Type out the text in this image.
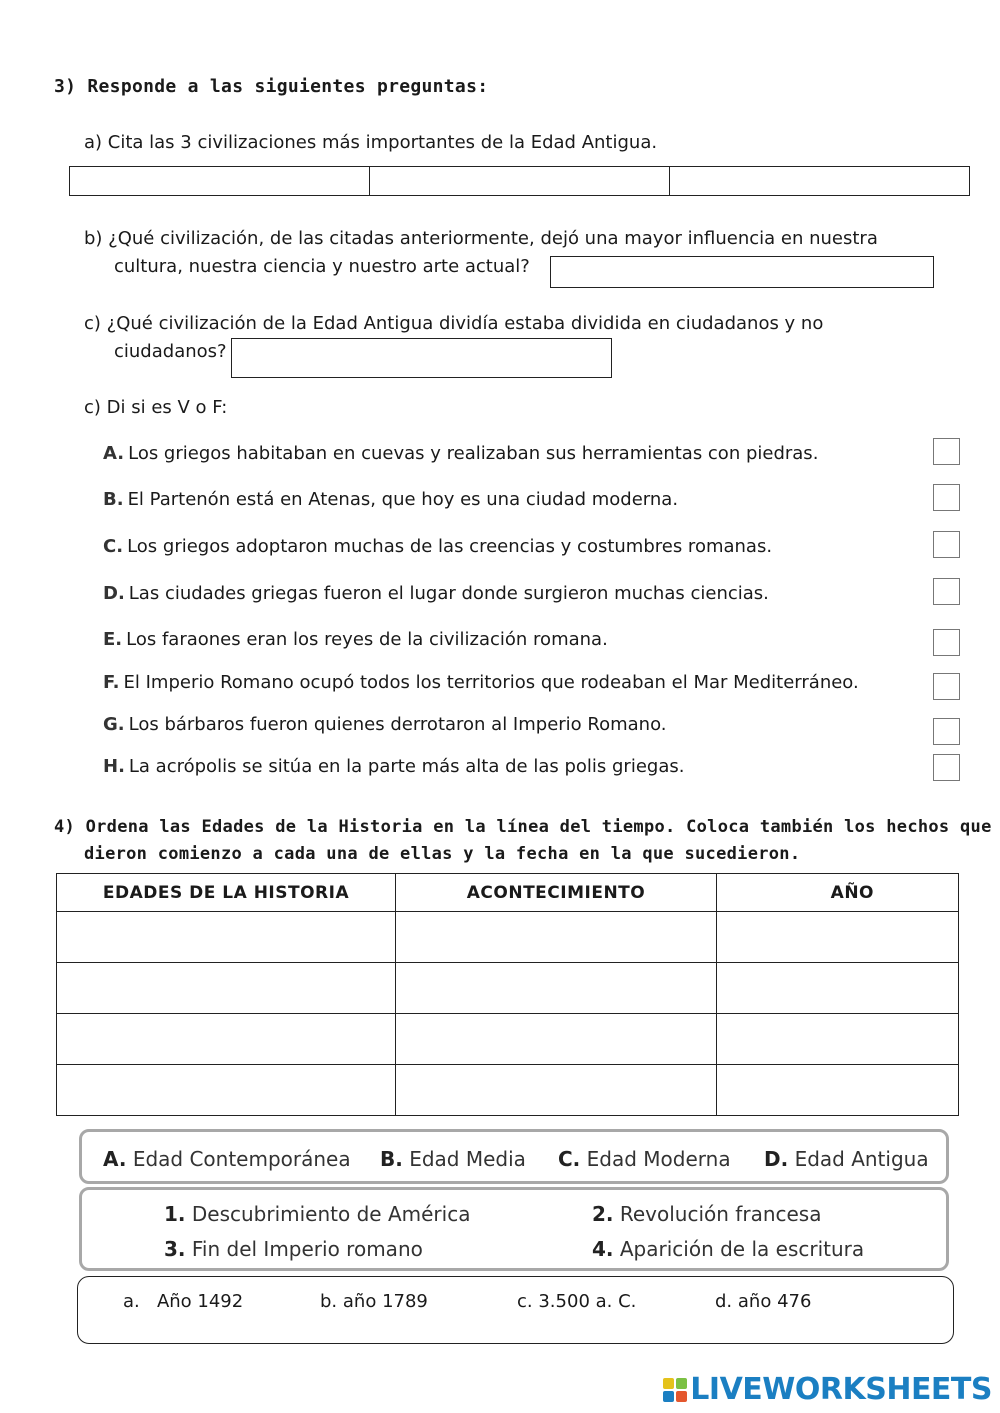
3) Responde a las siguientes preguntas:
a) Cita las 3 civilizaciones más importantes de la Edad Antigua.
b) ¿Qué civilización, de las citadas anteriormente, dejó una mayor influencia en nuestra
cultura, nuestra ciencia y nuestro arte actual?
c) ¿Qué civilización de la Edad Antigua dividía estaba dividida en ciudadanos y no
ciudadanos?
c) Di si es V o F:
A. Los griegos habitaban en cuevas y realizaban sus herramientas con piedras.
B. El Partenón está en Atenas, que hoy es una ciudad moderna.
C. Los griegos adoptaron muchas de las creencias y costumbres romanas.
D. Las ciudades griegas fueron el lugar donde surgieron muchas ciencias.
E. Los faraones eran los reyes de la civilización romana.
F. El Imperio Romano ocupó todos los territorios que rodeaban el Mar Mediterráneo.
G. Los bárbaros fueron quienes derrotaron al Imperio Romano.
H. La acrópolis se sitúa en la parte más alta de las polis griegas.
4) Ordena las Edades de la Historia en la línea del tiempo. Coloca también los hechos que
dieron comienzo a cada una de ellas y la fecha en la que sucedieron.
EDADES DE LA HISTORIA	ACONTECIMIENTO	AÑO

A. Edad Contemporánea B. Edad Media C. Edad Moderna D. Edad Antigua
1. Descubrimiento de América	2. Revolución francesa
3. Fin del Imperio romano	4. Aparición de la escritura
a. Año 1492	b. año 1789	c. 3.500 a. C.	d. año 476
LIVEWORKSHEETS
